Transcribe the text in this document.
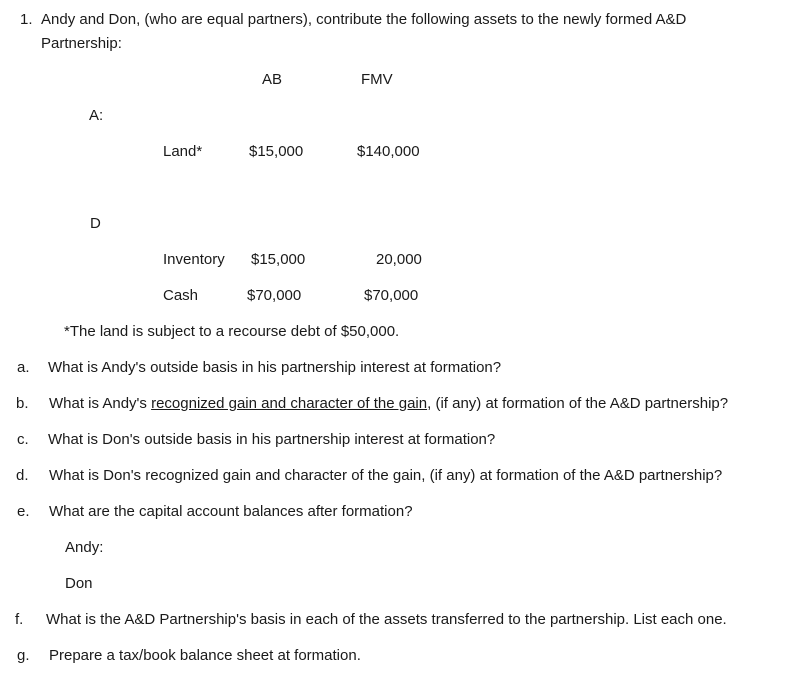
1. Andy and Don, (who are equal partners), contribute the following assets to the newly formed A&D
Partnership:
AB	FMV
A:
Land*	$15,000	$140,000
D
Inventory $15,000	20,000
Cash	$70,000	$70,000
*The land is subject to a recourse debt of $50,000.
a. What is Andy's outside basis in his partnership interest at formation?
b. What is Andy's recognized gain and character of the gain, (if any) at formation of the A&D partnership?
c. What is Don's outside basis in his partnership interest at formation?
d. What is Don's recognized gain and character of the gain, (if any) at formation of the A&D partnership?
e. What are the capital account balances after formation?
Andy:
Don
f. What is the A&D Partnership's basis in each of the assets transferred to the partnership. List each one.
g. Prepare a tax/book balance sheet at formation.
